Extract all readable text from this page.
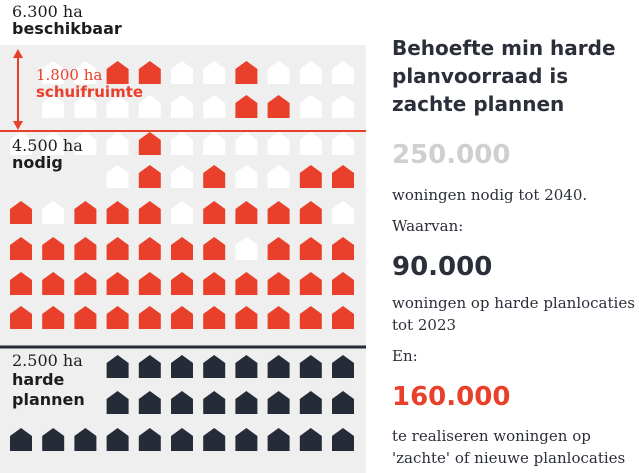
6.300 ha
beschikbaar
1.800 ha
schuifruimte
4.500 ha
nodig
2.500 ha
harde
plannen
Behoefte min harde planvoorraad is zachte plannen
250.000
woningen nodig tot 2040.
Waarvan:
90.000
woningen op harde planlocaties tot 2023
En:
160.000
te realiseren woningen op 'zachte' of nieuwe planlocaties
